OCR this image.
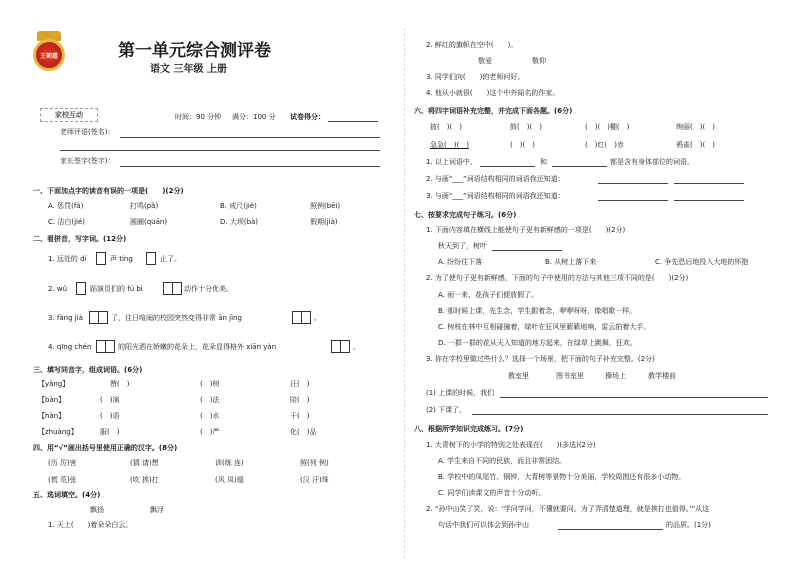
王朝霞	第一单元综合测评卷
语文 三年级 上册
家校互动	时间：90 分钟 满分：100 分 试卷得分：
老师评语(签名)：
家长签字(签字)：
一、下面加点字的读音有误的一项是(　　)(2分)
A. 惩罚(fá)	打鸣(pǎ)	B. 戒尺(jiè)	照例(bēi)
C. 洁白(jié)	圆圈(quān)	D. 大坝(bà)	假期(jià)
二、看拼音，写字词。(12分)
1. 远处的 dí	声 tíng	止了。
2. wǔ	蹈演员们的 fú bì	动作十分优美。
3. fàng jià	了，往日喧闹的校园突然变得非常 ān jìng	。
4. qīng chén	的阳光洒在娇嫩的花朵上，花朵显得格外 xiān yàn	。
三、填写同音字，组成词语。(6分)
【yǎng】	赞(　)	(　)树	汪(　)
【bàn】	(　)演	(　)法	陪(　)
【hàn】	(　)语	(　)水	干(　)
【zhuàng】	服(　)	(　)严	化(　)品
四、用“√”画出括号里使用正确的汉字。(8分)
(历 厉)害	(猜 请)想	训(练 连)	照(列 例)
(慌 荒)张	(吹 挨)打	(风 凤)凰	(汉 汗)珠
五、选词填空。(4分)
飘扬	飘浮
1. 天上(　　)着朵朵白云。
2. 鲜红的旗帜在空中(　　)。
敬爱	敬仰
3. 同学们向(　　)的老师问好。
4. 他从小就很(　　)这个中外闻名的作家。
六、将四字词语补充完整，并完成下面各题。(6分)
披(　)(　)	鼓(　)(　)	(　)(　)棚(　)	绚丽(　)(　)
急急(　)(　)	(　)(　)	(　)红(　)赤	鸦雀(　)(　)
1. 以上词语中，	和	都是含有身体部位的词语。
2. 与画“___”词语结构相同的词语我还知道：
3. 与画“___”词语结构相同的词语我还知道：
七、按要求完成句子练习。(6分)
1. 下面内容填在横线上能使句子更有新鲜感的一项是(　　)(2分)
秋天到了，树叶
A. 纷纷往下落	B. 从树上落下来	C. 争先恐后地投入大地的怀抱
2. 为了使句子更有新鲜感，下面的句子中使用的方法与其他三项不同的是(　　)(2分)
A. 雨一来，花孩子们便放假了。
B. 那时候上课，先生念，学生跟着念，咿咿呀呀，像唱歌一样。
C. 树枝在林中互相碰撞着，绿叶在狂风里簌簌地响，雷云拍着大手。
D. 一群一群的花从天人知道的地方起来，在绿草上跳舞，狂欢。
3. 你在学校里做过些什么？选择一个场景，把下面的句子补充完整。(2分)
教室里	图书室里	操场上	教学楼前
(1) 上课的时候，我们
(2) 下课了，
八、根据所学知识完成练习。(7分)
1. 大青树下的小学的特别之处表现在(　　)(多选)(2分)
A. 学生来自不同的民族，而且非常团结。
B. 学校中的凤尾竹、铜钟，大青树等景物十分美丽，学校周围还有很多小动物。
C. 同学们读课文的声音十分动听。
2. “孙中山笑了笑，说：‘学问学问，不懂就要问。为了弄清楚道理，就是挨打也值得。’”从这
句话中我们可以体会到孙中山	的品质。(1分)
